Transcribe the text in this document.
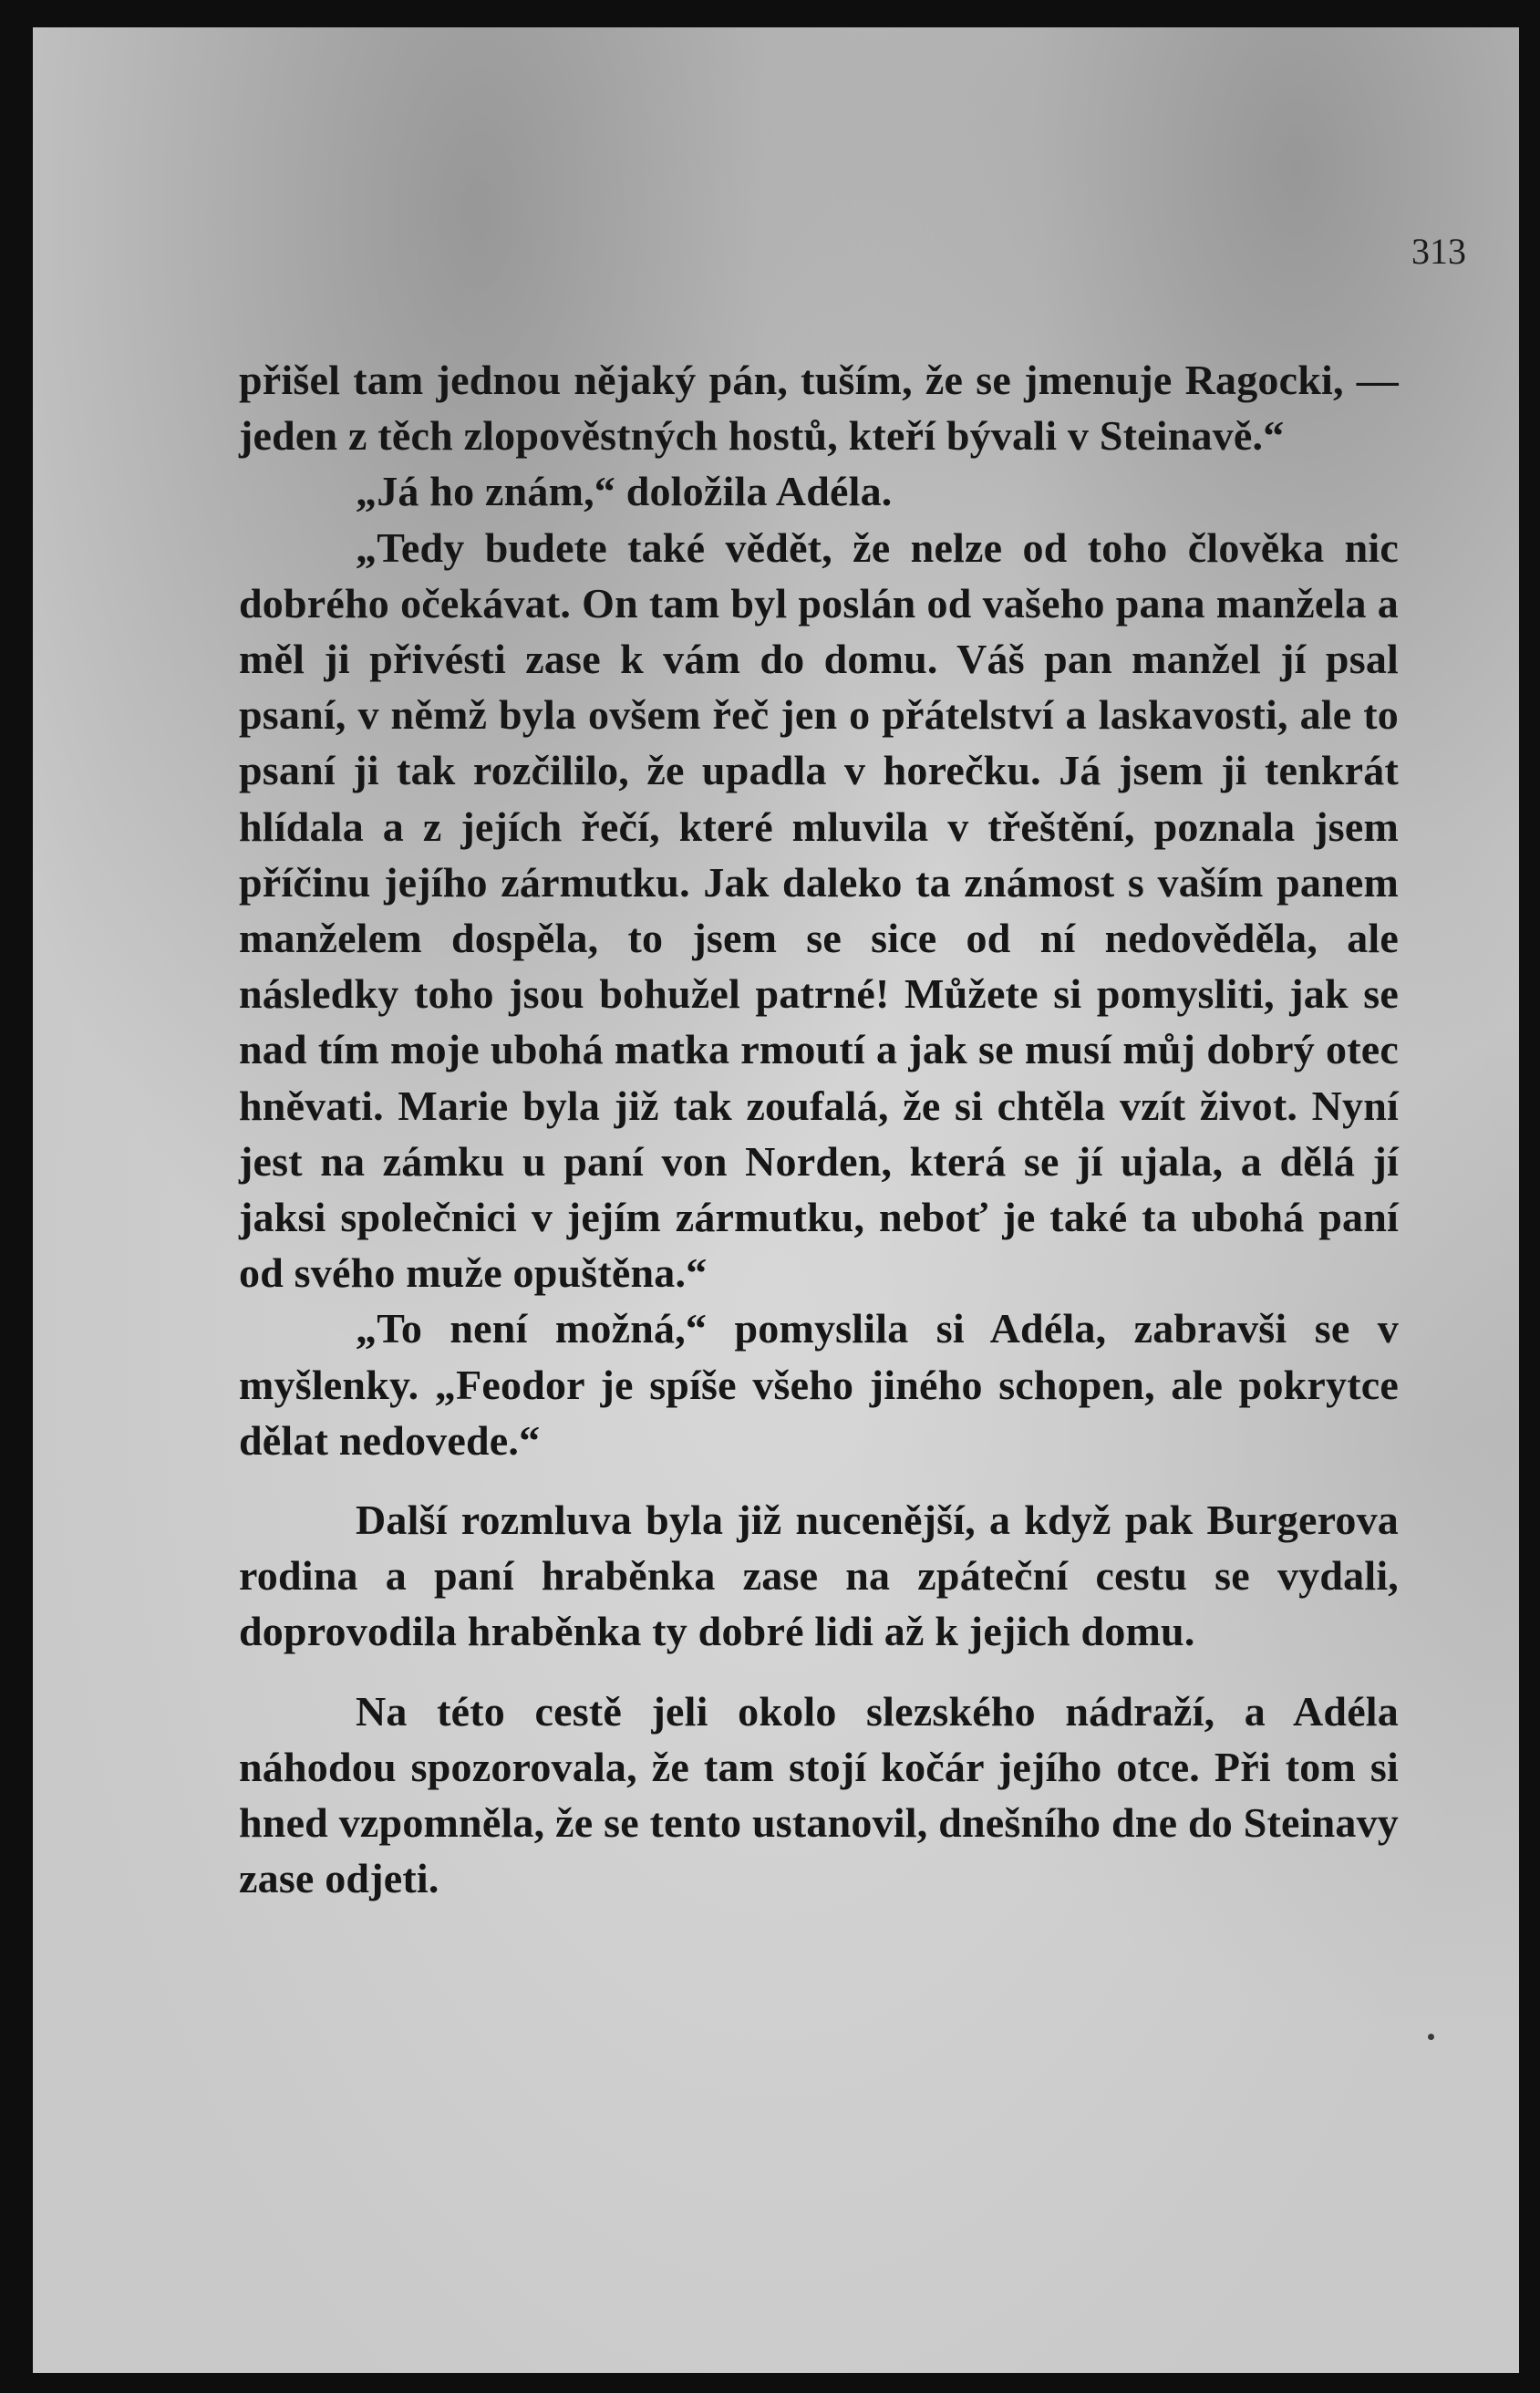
313

přišel tam jednou nějaký pán, tuším, že se jmenuje Ragocki, — jeden z těch zlopověstných hostů, kteří bývali v Steinavě.“

„Já ho znám,“ doložila Adéla.

„Tedy budete také vědět, že nelze od toho člověka nic dobrého očekávat. On tam byl poslán od vašeho pana manžela a měl ji přivésti zase k vám do domu. Váš pan manžel jí psal psaní, v němž byla ovšem řeč jen o přátelství a laskavosti, ale to psaní ji tak rozčililo, že upadla v horečku. Já jsem ji tenkrát hlídala a z jejích řečí, které mluvila v třeštění, poznala jsem příčinu jejího zármutku. Jak daleko ta známost s vaším panem manželem dospěla, to jsem se sice od ní nedověděla, ale následky toho jsou bohužel patrné! Můžete si pomysliti, jak se nad tím moje ubohá matka rmoutí a jak se musí můj dobrý otec hněvati. Marie byla již tak zoufalá, že si chtěla vzít život. Nyní jest na zámku u paní von Norden, která se jí ujala, a dělá jí jaksi společnici v jejím zármutku, neboť je také ta ubohá paní od svého muže opuštěna.“

„To není možná,“ pomyslila si Adéla, zabravši se v myšlenky. „Feodor je spíše všeho jiného schopen, ale pokrytce dělat nedovede.“

Další rozmluva byla již nucenější, a když pak Burgerova rodina a paní hraběnka zase na zpáteční cestu se vydali, doprovodila hraběnka ty dobré lidi až k jejich domu.

Na této cestě jeli okolo slezského nádraží, a Adéla náhodou spozorovala, že tam stojí kočár jejího otce. Při tom si hned vzpomněla, že se tento ustanovil, dnešního dne do Steinavy zase odjeti.
